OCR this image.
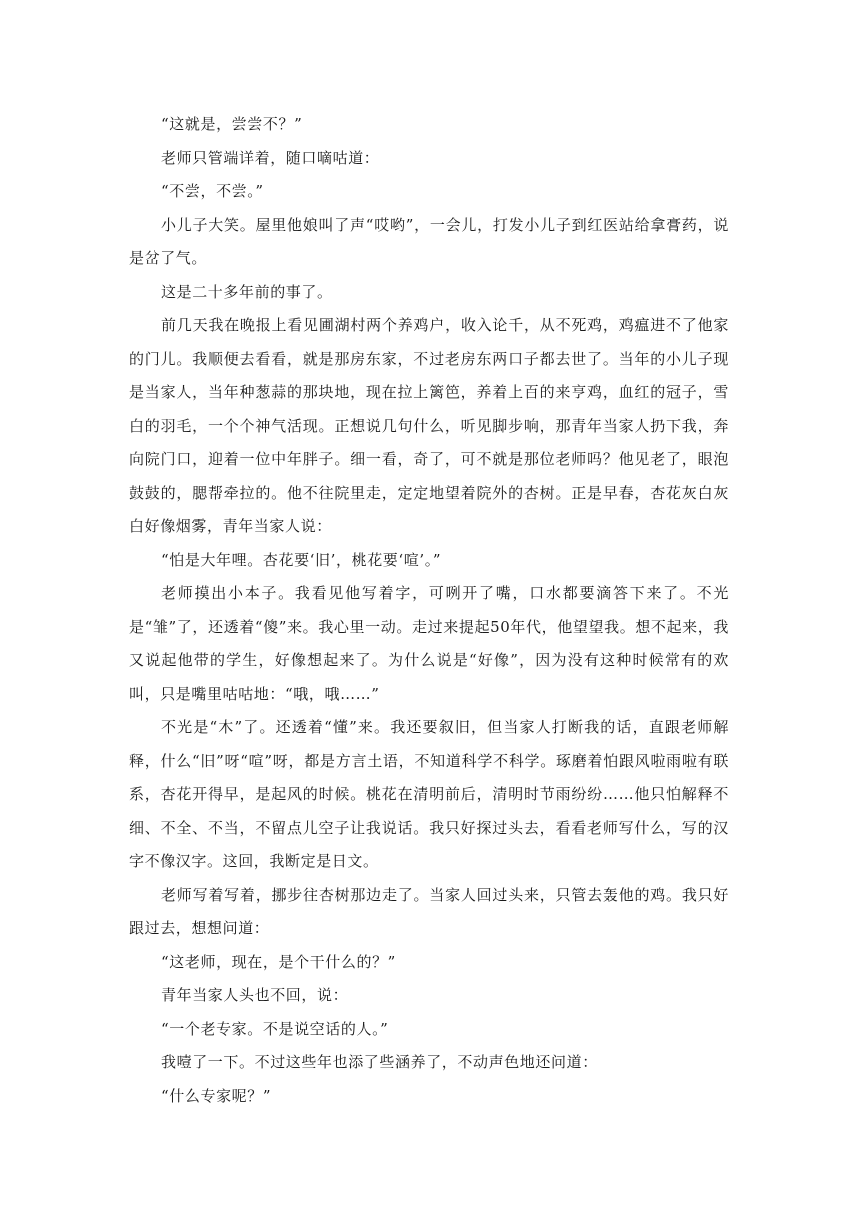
“这就是，尝尝不？”

老师只管端详着，随口嘀咕道：

“不尝，不尝。”

小儿子大笑。屋里他娘叫了声“哎哟”，一会儿，打发小儿子到红医站给拿膏药，说是岔了气。

这是二十多年前的事了。

前几天我在晚报上看见圃湖村两个养鸡户，收入论千，从不死鸡，鸡瘟进不了他家的门儿。我顺便去看看，就是那房东家，不过老房东两口子都去世了。当年的小儿子现是当家人，当年种葱蒜的那块地，现在拉上篱笆，养着上百的来亨鸡，血红的冠子，雪白的羽毛，一个个神气活现。正想说几句什么，听见脚步响，那青年当家人扔下我，奔向院门口，迎着一位中年胖子。细一看，奇了，可不就是那位老师吗？他见老了，眼泡鼓鼓的，腮帮牵拉的。他不往院里走，定定地望着院外的杏树。正是早春，杏花灰白灰白好像烟雾，青年当家人说：

“怕是大年哩。杏花要‘旧’，桃花要‘喧’。”

老师摸出小本子。我看见他写着字，可咧开了嘴，口水都要滴答下来了。不光是“雏”了，还透着“傻”来。我心里一动。走过来提起50年代，他望望我。想不起来，我又说起他带的学生，好像想起来了。为什么说是“好像”，因为没有这种时候常有的欢叫，只是嘴里咕咕地：“哦，哦……”

不光是“木”了。还透着“懂”来。我还要叙旧，但当家人打断我的话，直跟老师解释，什么“旧”呀“喧”呀，都是方言土语，不知道科学不科学。琢磨着怕跟风啦雨啦有联系，杏花开得早，是起风的时候。桃花在清明前后，清明时节雨纷纷……他只怕解释不细、不全、不当，不留点儿空子让我说话。我只好探过头去，看看老师写什么，写的汉字不像汉字。这回，我断定是日文。

老师写着写着，挪步往杏树那边走了。当家人回过头来，只管去轰他的鸡。我只好跟过去，想想问道：

“这老师，现在，是个干什么的？”

青年当家人头也不回，说：

“一个老专家。不是说空话的人。”

我噎了一下。不过这些年也添了些涵养了，不动声色地还问道：

“什么专家呢？”
